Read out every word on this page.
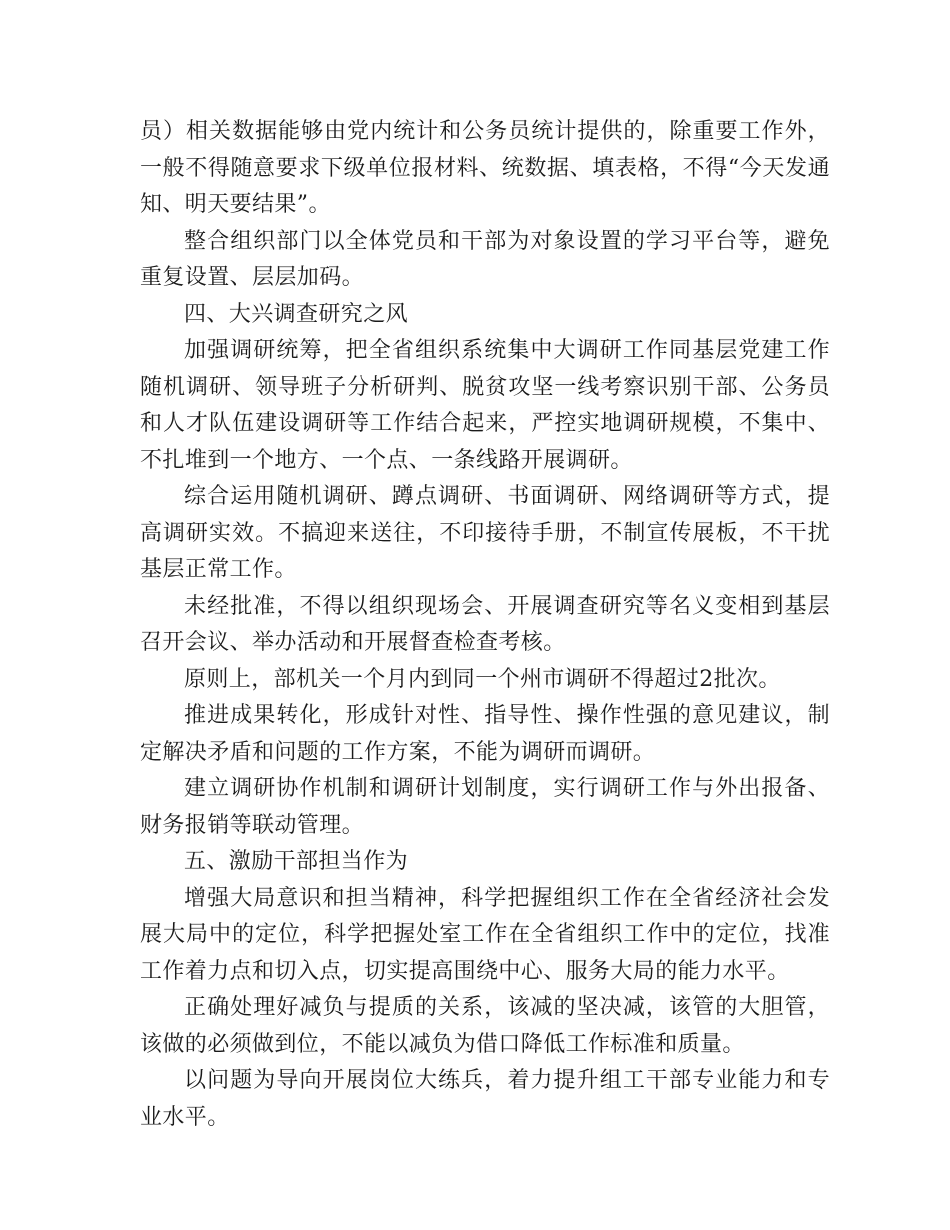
员）相关数据能够由党内统计和公务员统计提供的，除重要工作外，一般不得随意要求下级单位报材料、统数据、填表格，不得“今天发通知、明天要结果”。

整合组织部门以全体党员和干部为对象设置的学习平台等，避免重复设置、层层加码。

四、大兴调查研究之风

加强调研统筹，把全省组织系统集中大调研工作同基层党建工作随机调研、领导班子分析研判、脱贫攻坚一线考察识别干部、公务员和人才队伍建设调研等工作结合起来，严控实地调研规模，不集中、不扎堆到一个地方、一个点、一条线路开展调研。

综合运用随机调研、蹲点调研、书面调研、网络调研等方式，提高调研实效。不搞迎来送往，不印接待手册，不制宣传展板，不干扰基层正常工作。

未经批准，不得以组织现场会、开展调查研究等名义变相到基层召开会议、举办活动和开展督查检查考核。

原则上，部机关一个月内到同一个州市调研不得超过2批次。

推进成果转化，形成针对性、指导性、操作性强的意见建议，制定解决矛盾和问题的工作方案，不能为调研而调研。

建立调研协作机制和调研计划制度，实行调研工作与外出报备、财务报销等联动管理。

五、激励干部担当作为

增强大局意识和担当精神，科学把握组织工作在全省经济社会发展大局中的定位，科学把握处室工作在全省组织工作中的定位，找准工作着力点和切入点，切实提高围绕中心、服务大局的能力水平。

正确处理好减负与提质的关系，该减的坚决减，该管的大胆管，该做的必须做到位，不能以减负为借口降低工作标准和质量。

以问题为导向开展岗位大练兵，着力提升组工干部专业能力和专业水平。
